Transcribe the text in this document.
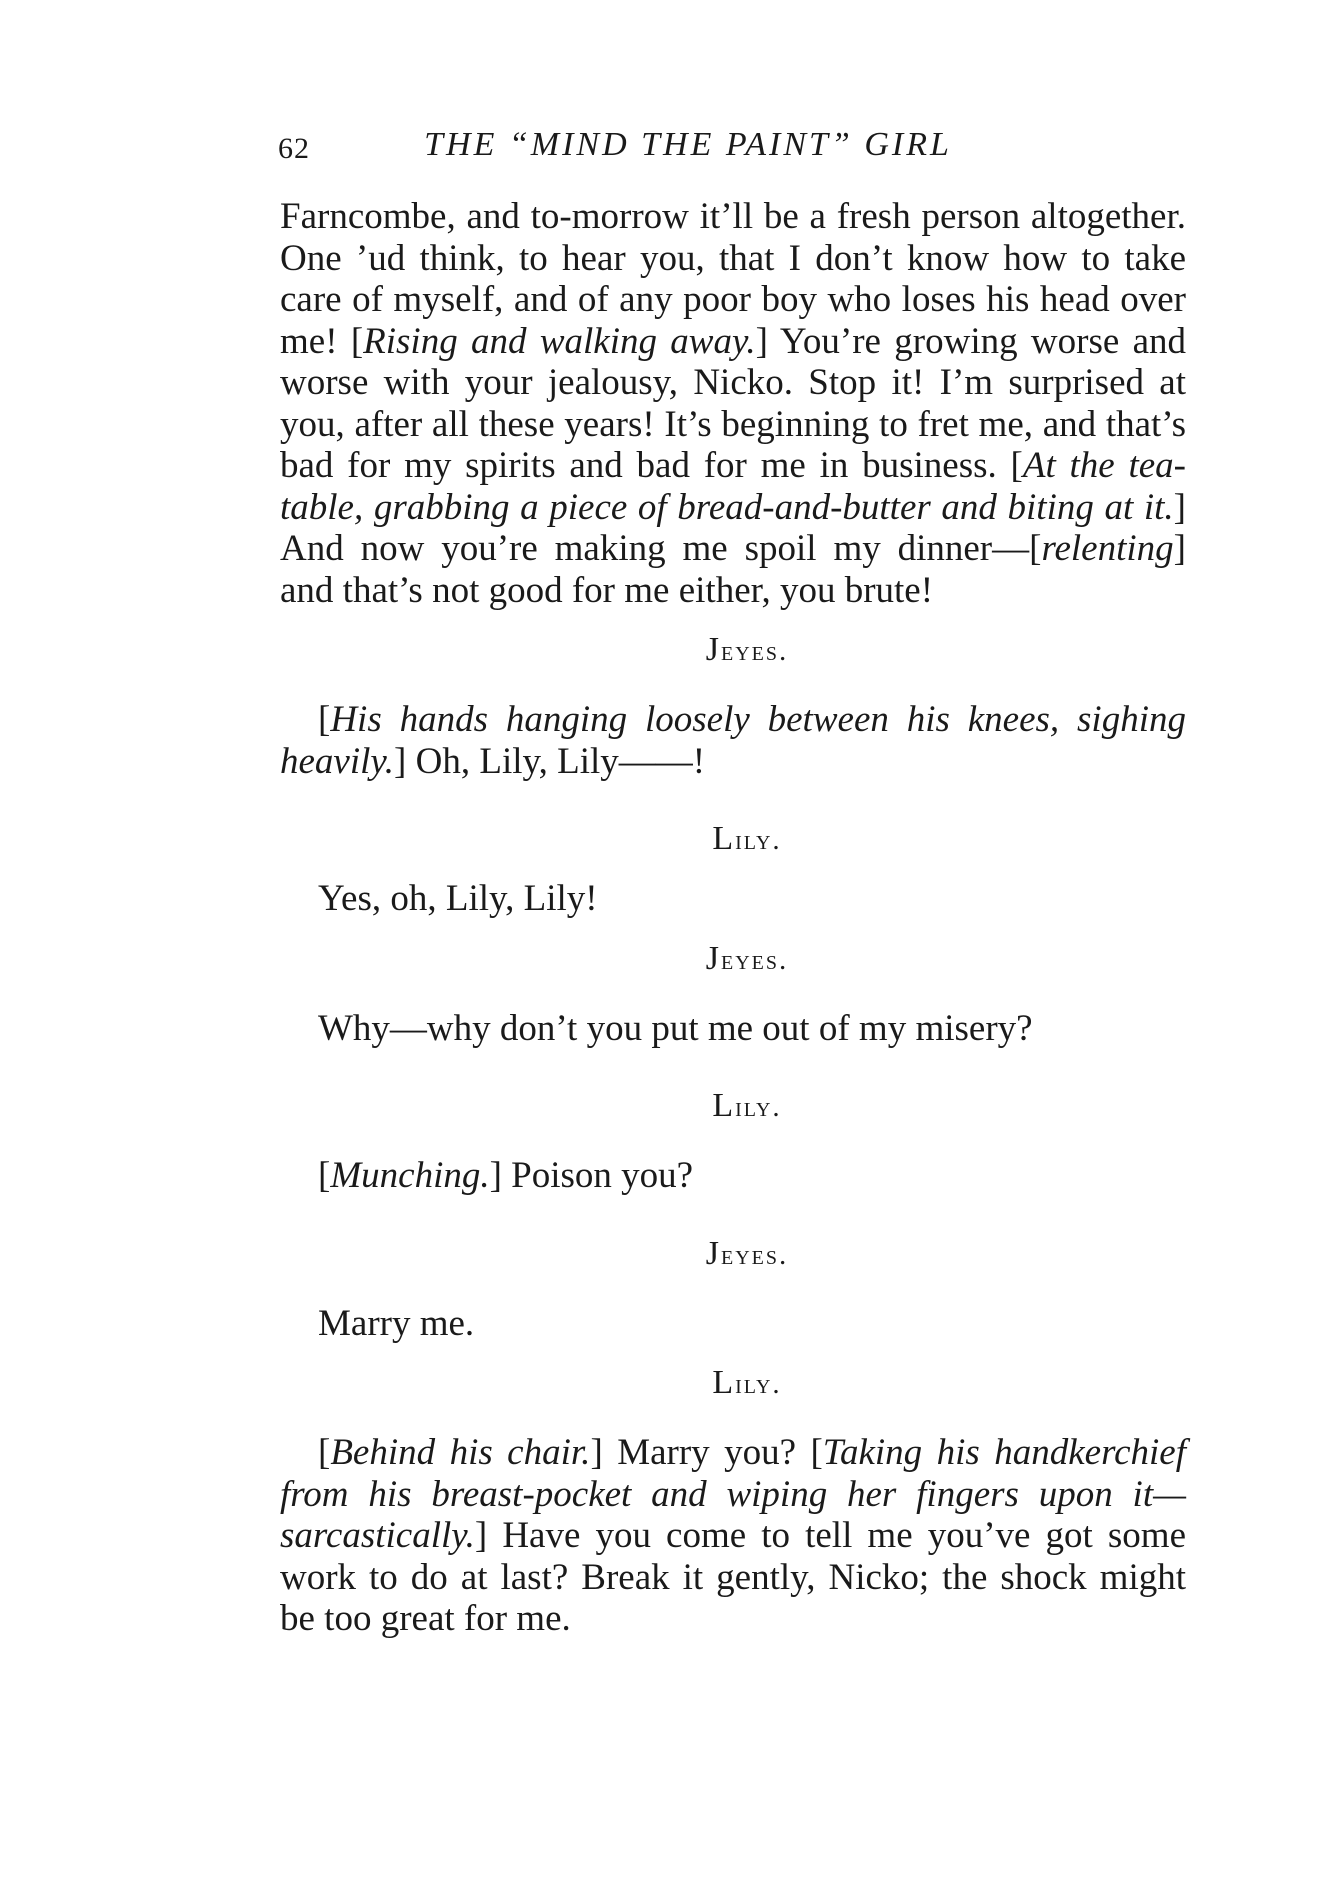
62	THE “MIND THE PAINT” GIRL

Farncombe, and to-morrow it’ll be a fresh person altogether. One ’ud think, to hear you, that I don’t know how to take care of myself, and of any poor boy who loses his head over me! [Rising and walking away.] You’re growing worse and worse with your jealousy, Nicko. Stop it! I’m surprised at you, after all these years! It’s beginning to fret me, and that’s bad for my spirits and bad for me in business. [At the tea-table, grabbing a piece of bread-and-butter and biting at it.] And now you’re making me spoil my dinner—[relenting] and that’s not good for me either, you brute!

Jeyes.

[His hands hanging loosely between his knees, sighing heavily.] Oh, Lily, Lily——!

Lily.

Yes, oh, Lily, Lily!

Jeyes.

Why—why don’t you put me out of my misery?

Lily.

[Munching.] Poison you?

Jeyes.

Marry me.

Lily.

[Behind his chair.] Marry you? [Taking his handkerchief from his breast-pocket and wiping her fingers upon it—sarcastically.] Have you come to tell me you’ve got some work to do at last? Break it gently, Nicko; the shock might be too great for me.
